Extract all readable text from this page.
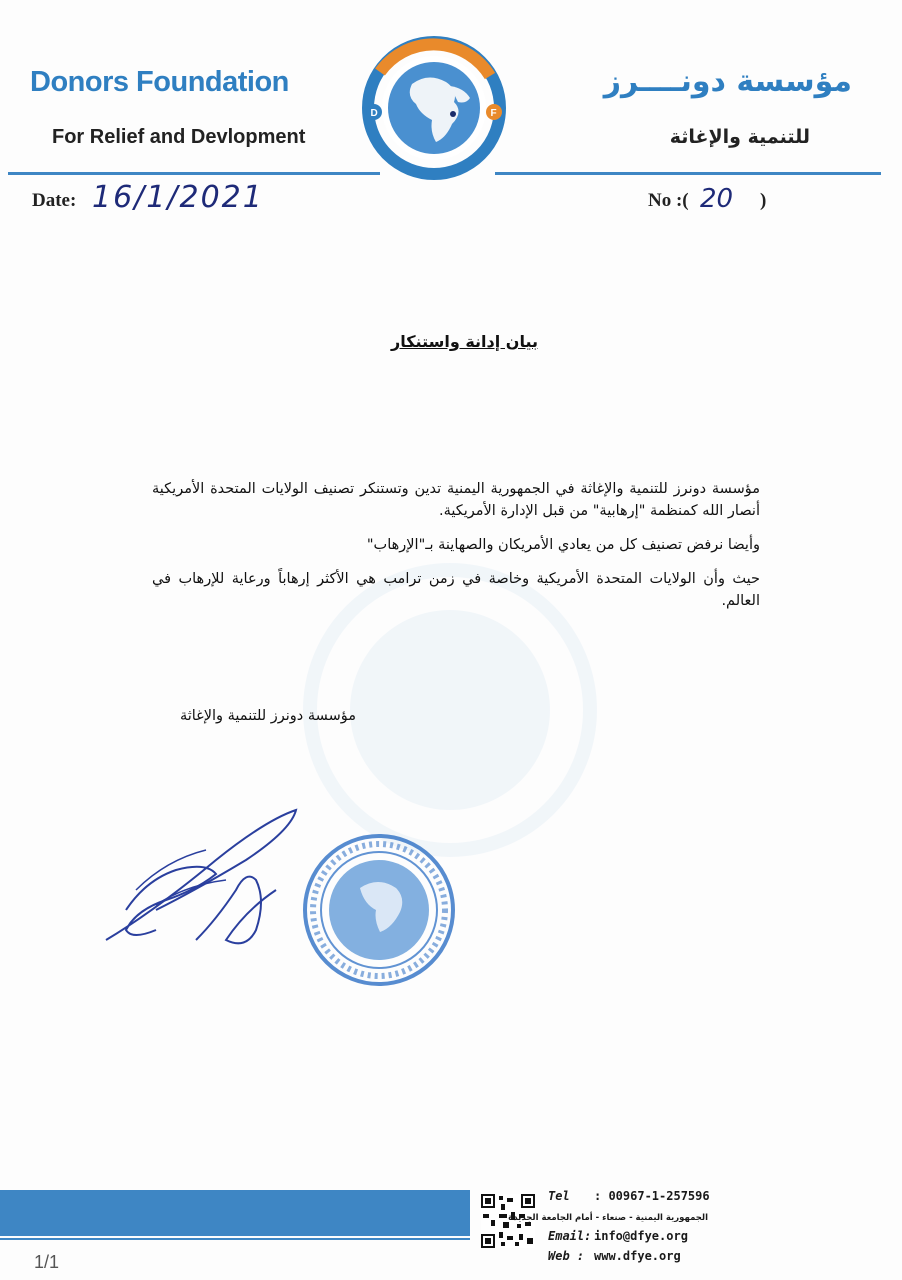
Donors Foundation
For Relief and Devlopment
مؤسسة دونــــرز
للتنمية والإغاثة
D	F
Date: 16/1/2021	No :( 20 )
بيان إدانة واستنكار

مؤسسة دونرز للتنمية والإغاثة في الجمهورية اليمنية تدين وتستنكر تصنيف الولايات المتحدة الأمريكية أنصار الله كمنظمة "إرهابية" من قبل الإدارة الأمريكية.

وأيضا نرفض تصنيف كل من يعادي الأمريكان والصهاينة بـ"الإرهاب"

حيث وأن الولايات المتحدة الأمريكية وخاصة في زمن ترامب هي الأكثر إرهاباً ورعاية للإرهاب في العالم.

مؤسسة دونرز للتنمية والإغاثة
Tel : 00967-1-257596
الجمهورية اليمنية - صنعاء - أمام الجامعة الجديدة
Email: info@dfye.org
Web : www.dfye.org
1/1
